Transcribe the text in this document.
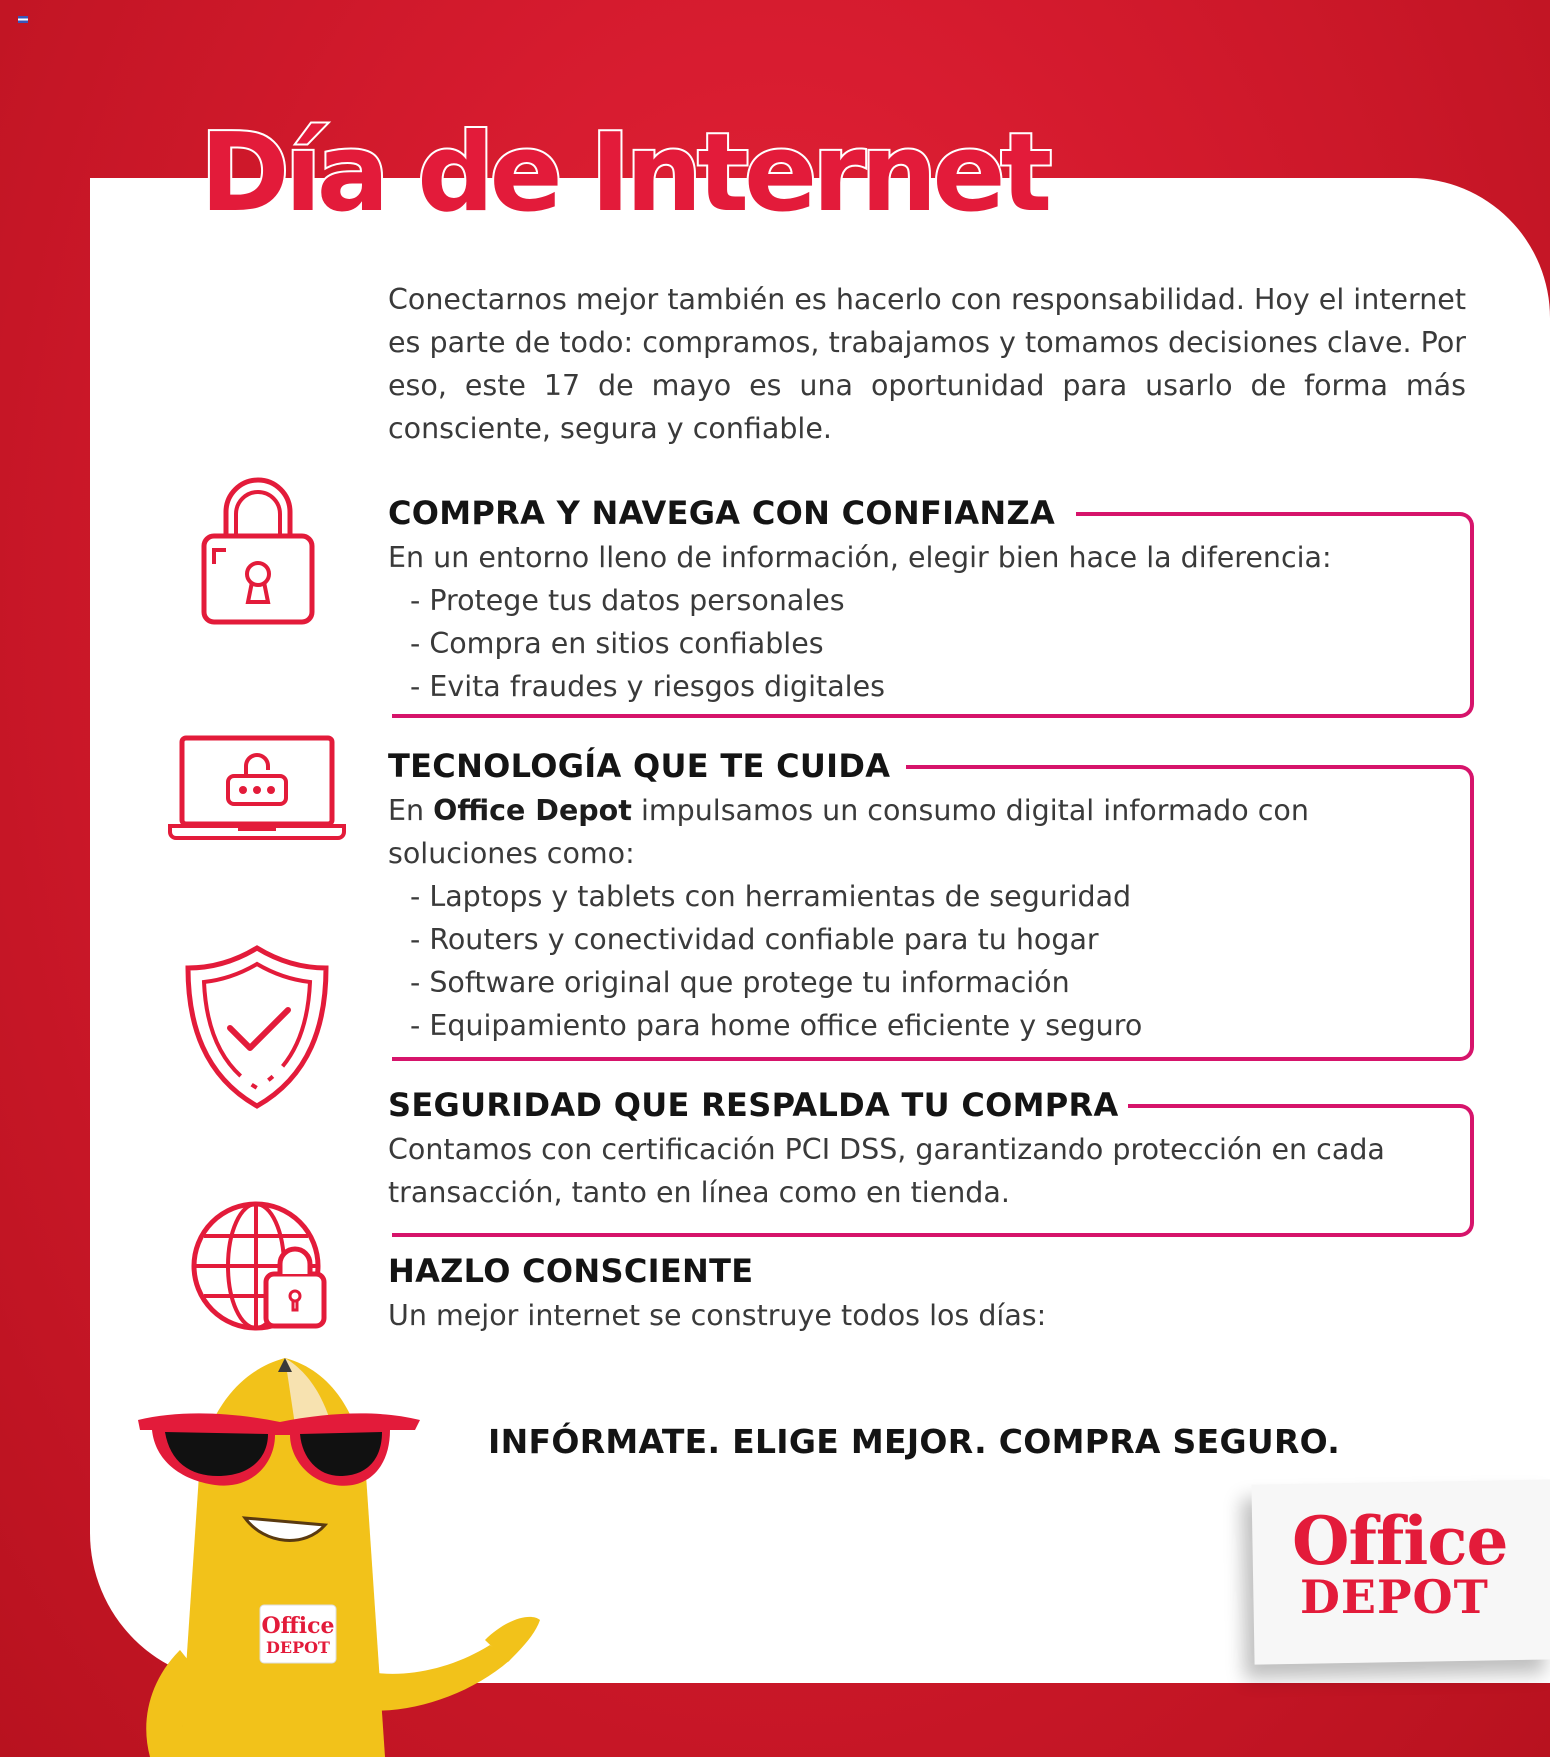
Día de Internet

Conectarnos mejor también es hacerlo con responsabilidad. Hoy el internet es parte de todo: compramos, trabajamos y tomamos decisiones clave. Por eso, este 17 de mayo es una oportunidad para usarlo de forma más consciente, segura y confiable.

COMPRA Y NAVEGA CON CONFIANZA

En un entorno lleno de información, elegir bien hace la diferencia:

- Protege tus datos personales
- Compra en sitios confiables
- Evita fraudes y riesgos digitales
TECNOLOGÍA QUE TE CUIDA

En Office Depot impulsamos un consumo digital informado con
soluciones como:

- Laptops y tablets con herramientas de seguridad
- Routers y conectividad confiable para tu hogar
- Software original que protege tu información
- Equipamiento para home office eficiente y seguro
SEGURIDAD QUE RESPALDA TU COMPRA

Contamos con certificación PCI DSS, garantizando protección en cada
transacción, tanto en línea como en tienda.

HAZLO CONSCIENTE

Un mejor internet se construye todos los días:

INFÓRMATE. ELIGE MEJOR. COMPRA SEGURO.

Office

DEPOT

Office
DEPOT
